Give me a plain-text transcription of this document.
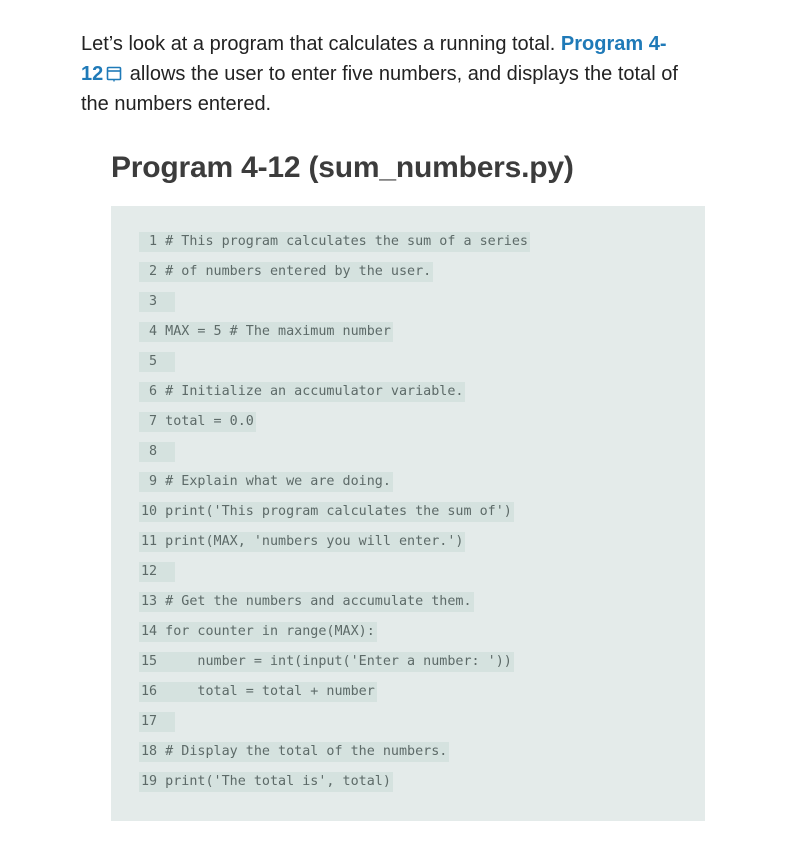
Let’s look at a program that calculates a running total. Program 4-
12 allows the user to enter five numbers, and displays the total of
the numbers entered.
Program 4-12 (sum_numbers.py)
1 # This program calculates the sum of a series
2 # of numbers entered by the user.
3
4 MAX = 5 # The maximum number
5
6 # Initialize an accumulator variable.
7 total = 0.0
8
9 # Explain what we are doing.
10 print('This program calculates the sum of')
11 print(MAX, 'numbers you will enter.')
12
13 # Get the numbers and accumulate them.
14 for counter in range(MAX):
15     number = int(input('Enter a number: '))
16     total = total + number
17
18 # Display the total of the numbers.
19 print('The total is', total)
